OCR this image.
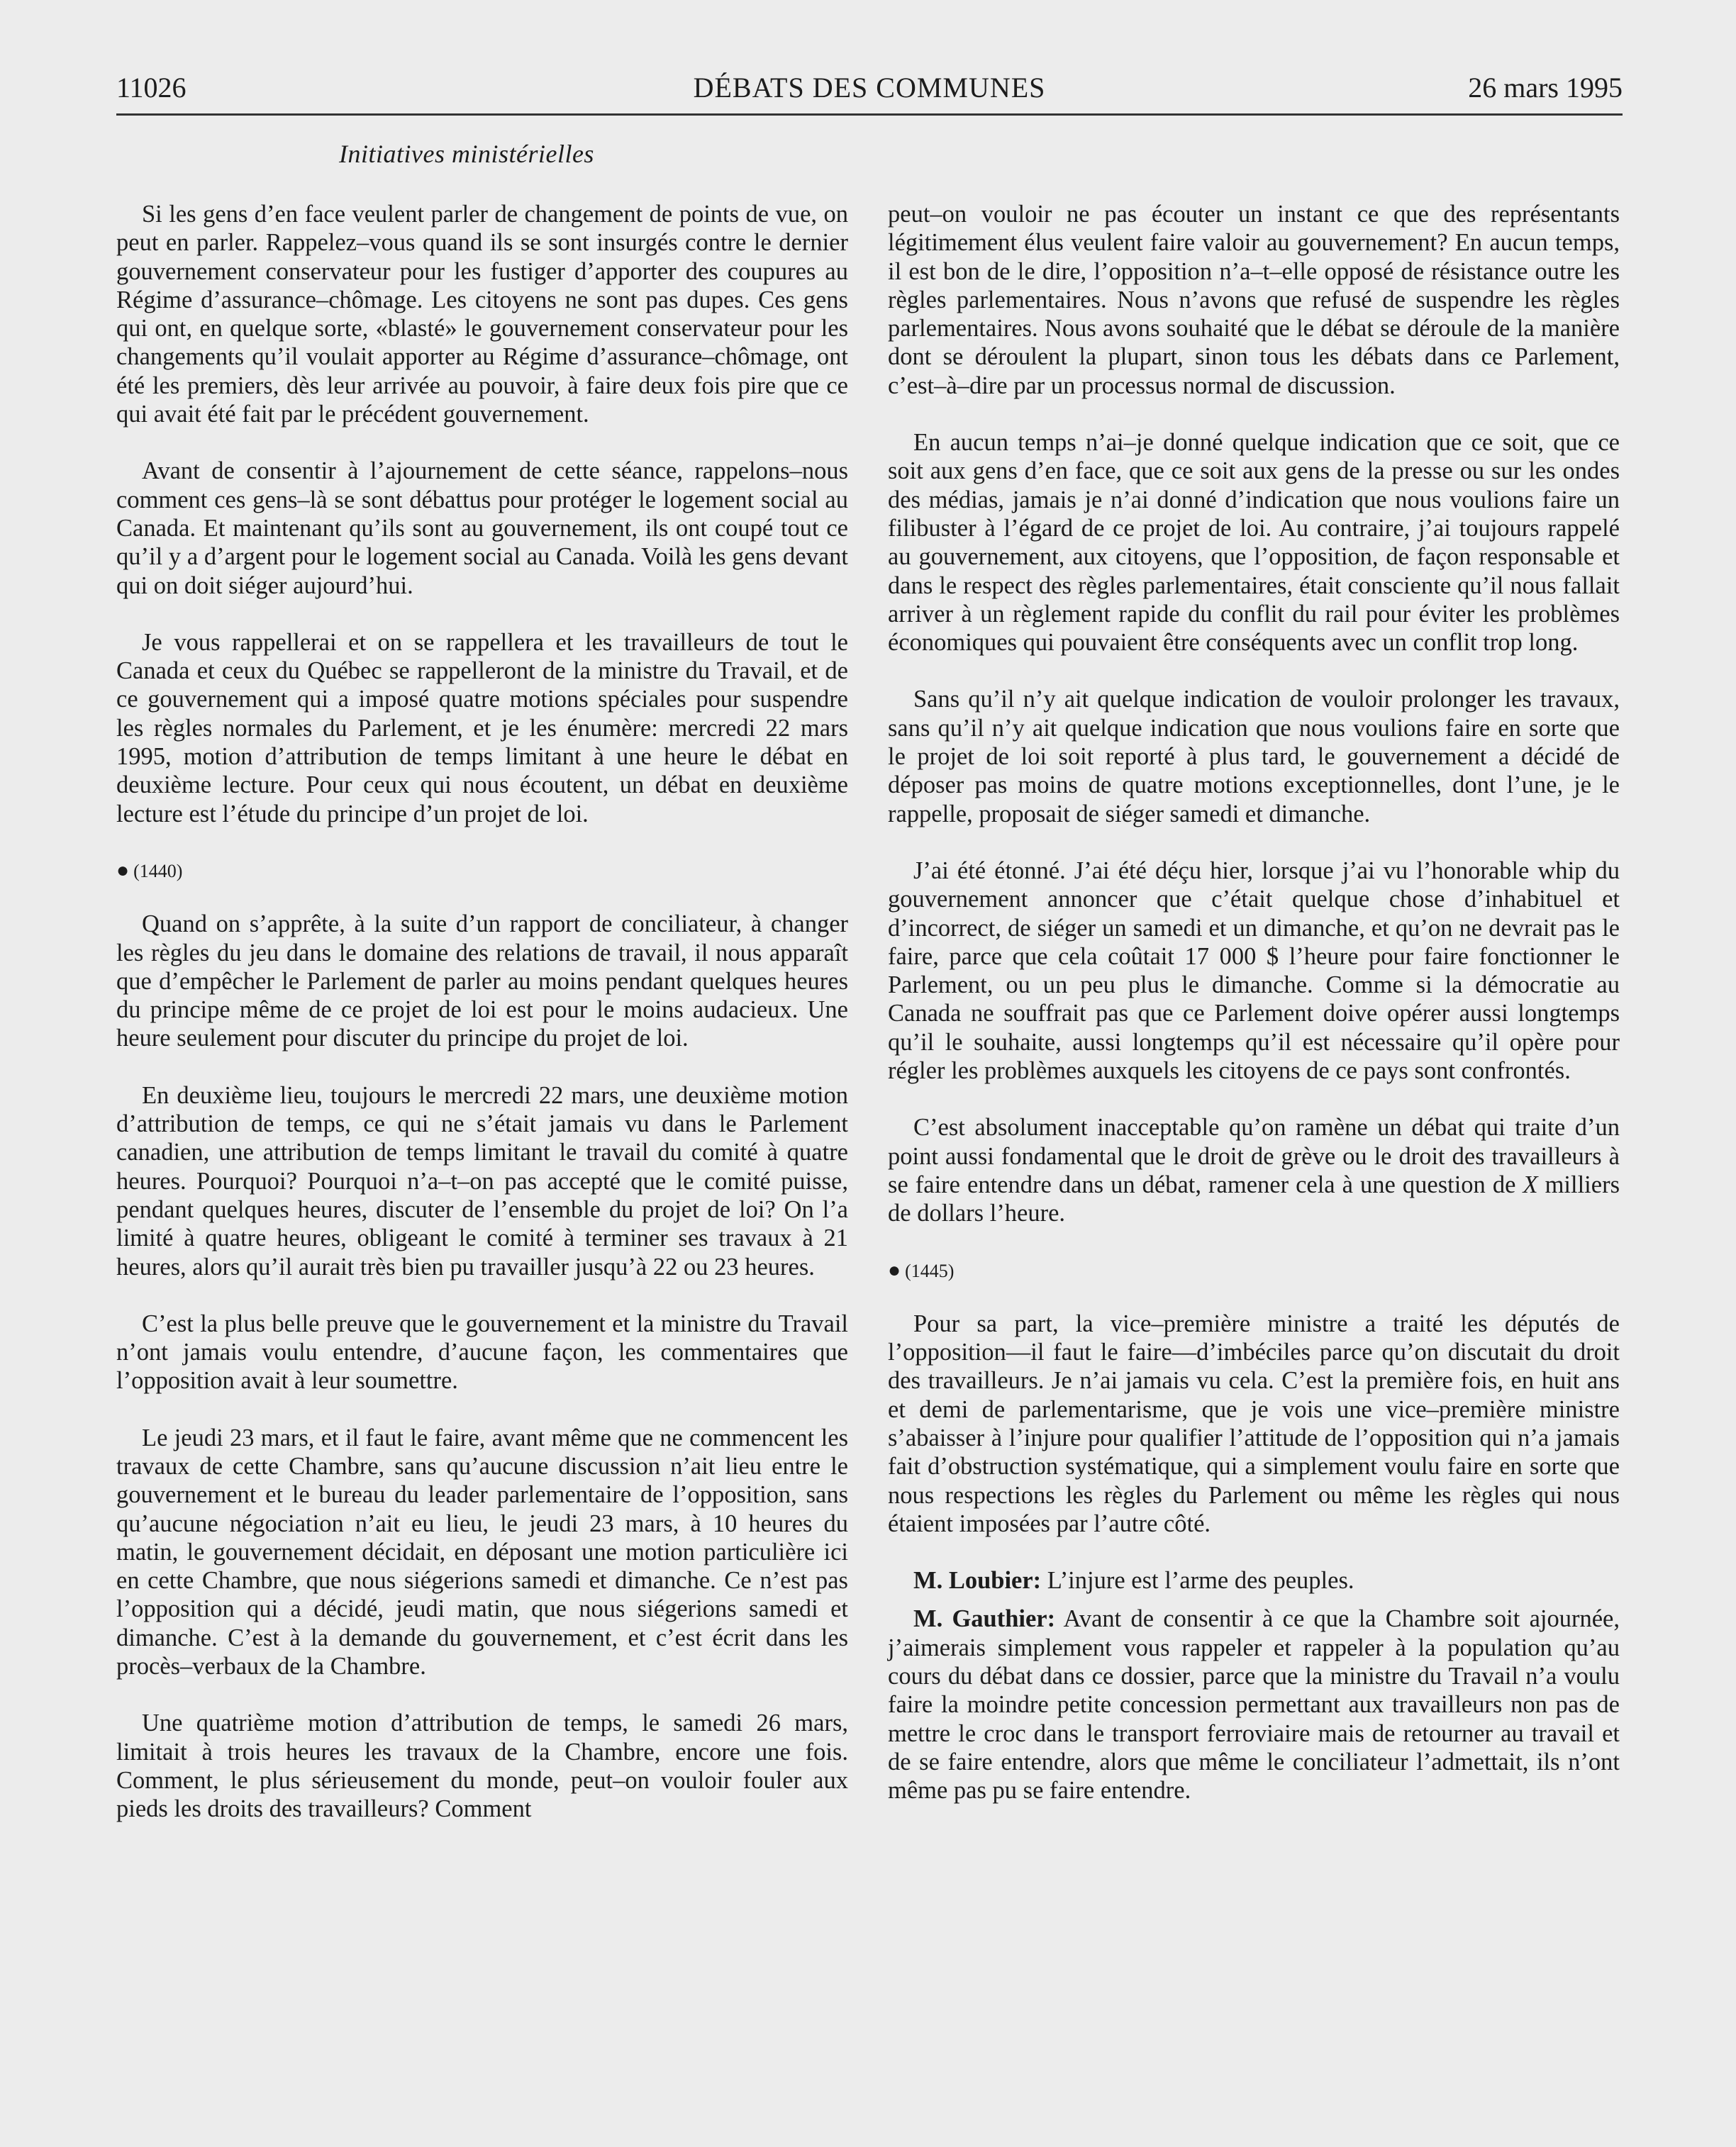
11026	DÉBATS DES COMMUNES	26 mars 1995
Initiatives ministérielles

Si les gens d’en face veulent parler de changement de points de vue, on peut en parler. Rappelez–vous quand ils se sont insurgés contre le dernier gouvernement conservateur pour les fustiger d’apporter des coupures au Régime d’assurance–chômage. Les citoyens ne sont pas dupes. Ces gens qui ont, en quelque sorte, «blasté» le gouvernement conservateur pour les changements qu’il voulait apporter au Régime d’assurance–chômage, ont été les premiers, dès leur arrivée au pouvoir, à faire deux fois pire que ce qui avait été fait par le précédent gouvernement.

Avant de consentir à l’ajournement de cette séance, rappelons–nous comment ces gens–là se sont débattus pour protéger le logement social au Canada. Et maintenant qu’ils sont au gouvernement, ils ont coupé tout ce qu’il y a d’argent pour le logement social au Canada. Voilà les gens devant qui on doit siéger aujourd’hui.

Je vous rappellerai et on se rappellera et les travailleurs de tout le Canada et ceux du Québec se rappelleront de la ministre du Travail, et de ce gouvernement qui a imposé quatre motions spéciales pour suspendre les règles normales du Parlement, et je les énumère: mercredi 22 mars 1995, motion d’attribution de temps limitant à une heure le débat en deuxième lecture. Pour ceux qui nous écoutent, un débat en deuxième lecture est l’étude du principe d’un projet de loi.

● (1440)

Quand on s’apprête, à la suite d’un rapport de conciliateur, à changer les règles du jeu dans le domaine des relations de travail, il nous apparaît que d’empêcher le Parlement de parler au moins pendant quelques heures du principe même de ce projet de loi est pour le moins audacieux. Une heure seulement pour discuter du principe du projet de loi.

En deuxième lieu, toujours le mercredi 22 mars, une deuxième motion d’attribution de temps, ce qui ne s’était jamais vu dans le Parlement canadien, une attribution de temps limitant le travail du comité à quatre heures. Pourquoi? Pourquoi n’a–t–on pas accepté que le comité puisse, pendant quelques heures, discuter de l’ensemble du projet de loi? On l’a limité à quatre heures, obligeant le comité à terminer ses travaux à 21 heures, alors qu’il aurait très bien pu travailler jusqu’à 22 ou 23 heures.

C’est la plus belle preuve que le gouvernement et la ministre du Travail n’ont jamais voulu entendre, d’aucune façon, les commentaires que l’opposition avait à leur soumettre.

Le jeudi 23 mars, et il faut le faire, avant même que ne commencent les travaux de cette Chambre, sans qu’aucune discussion n’ait lieu entre le gouvernement et le bureau du leader parlementaire de l’opposition, sans qu’aucune négociation n’ait eu lieu, le jeudi 23 mars, à 10 heures du matin, le gouvernement décidait, en déposant une motion particulière ici en cette Chambre, que nous siégerions samedi et dimanche. Ce n’est pas l’opposition qui a décidé, jeudi matin, que nous siégerions samedi et dimanche. C’est à la demande du gouvernement, et c’est écrit dans les procès–verbaux de la Chambre.

Une quatrième motion d’attribution de temps, le samedi 26 mars, limitait à trois heures les travaux de la Chambre, encore une fois. Comment, le plus sérieusement du monde, peut–on vouloir fouler aux pieds les droits des travailleurs? Comment

peut–on vouloir ne pas écouter un instant ce que des représentants légitimement élus veulent faire valoir au gouvernement? En aucun temps, il est bon de le dire, l’opposition n’a–t–elle opposé de résistance outre les règles parlementaires. Nous n’avons que refusé de suspendre les règles parlementaires. Nous avons souhaité que le débat se déroule de la manière dont se déroulent la plupart, sinon tous les débats dans ce Parlement, c’est–à–dire par un processus normal de discussion.

En aucun temps n’ai–je donné quelque indication que ce soit, que ce soit aux gens d’en face, que ce soit aux gens de la presse ou sur les ondes des médias, jamais je n’ai donné d’indication que nous voulions faire un filibuster à l’égard de ce projet de loi. Au contraire, j’ai toujours rappelé au gouvernement, aux citoyens, que l’opposition, de façon responsable et dans le respect des règles parlementaires, était consciente qu’il nous fallait arriver à un règlement rapide du conflit du rail pour éviter les problèmes économiques qui pouvaient être conséquents avec un conflit trop long.

Sans qu’il n’y ait quelque indication de vouloir prolonger les travaux, sans qu’il n’y ait quelque indication que nous voulions faire en sorte que le projet de loi soit reporté à plus tard, le gouvernement a décidé de déposer pas moins de quatre motions exceptionnelles, dont l’une, je le rappelle, proposait de siéger samedi et dimanche.

J’ai été étonné. J’ai été déçu hier, lorsque j’ai vu l’honorable whip du gouvernement annoncer que c’était quelque chose d’inhabituel et d’incorrect, de siéger un samedi et un dimanche, et qu’on ne devrait pas le faire, parce que cela coûtait 17 000 $ l’heure pour faire fonctionner le Parlement, ou un peu plus le dimanche. Comme si la démocratie au Canada ne souffrait pas que ce Parlement doive opérer aussi longtemps qu’il le souhaite, aussi longtemps qu’il est nécessaire qu’il opère pour régler les problèmes auxquels les citoyens de ce pays sont confrontés.

C’est absolument inacceptable qu’on ramène un débat qui traite d’un point aussi fondamental que le droit de grève ou le droit des travailleurs à se faire entendre dans un débat, ramener cela à une question de X milliers de dollars l’heure.

● (1445)

Pour sa part, la vice–première ministre a traité les députés de l’opposition—il faut le faire—d’imbéciles parce qu’on discutait du droit des travailleurs. Je n’ai jamais vu cela. C’est la première fois, en huit ans et demi de parlementarisme, que je vois une vice–première ministre s’abaisser à l’injure pour qualifier l’attitude de l’opposition qui n’a jamais fait d’obstruction systématique, qui a simplement voulu faire en sorte que nous respections les règles du Parlement ou même les règles qui nous étaient imposées par l’autre côté.

M. Loubier: L’injure est l’arme des peuples.

M. Gauthier: Avant de consentir à ce que la Chambre soit ajournée, j’aimerais simplement vous rappeler et rappeler à la population qu’au cours du débat dans ce dossier, parce que la ministre du Travail n’a voulu faire la moindre petite concession permettant aux travailleurs non pas de mettre le croc dans le transport ferroviaire mais de retourner au travail et de se faire entendre, alors que même le conciliateur l’admettait, ils n’ont même pas pu se faire entendre.
